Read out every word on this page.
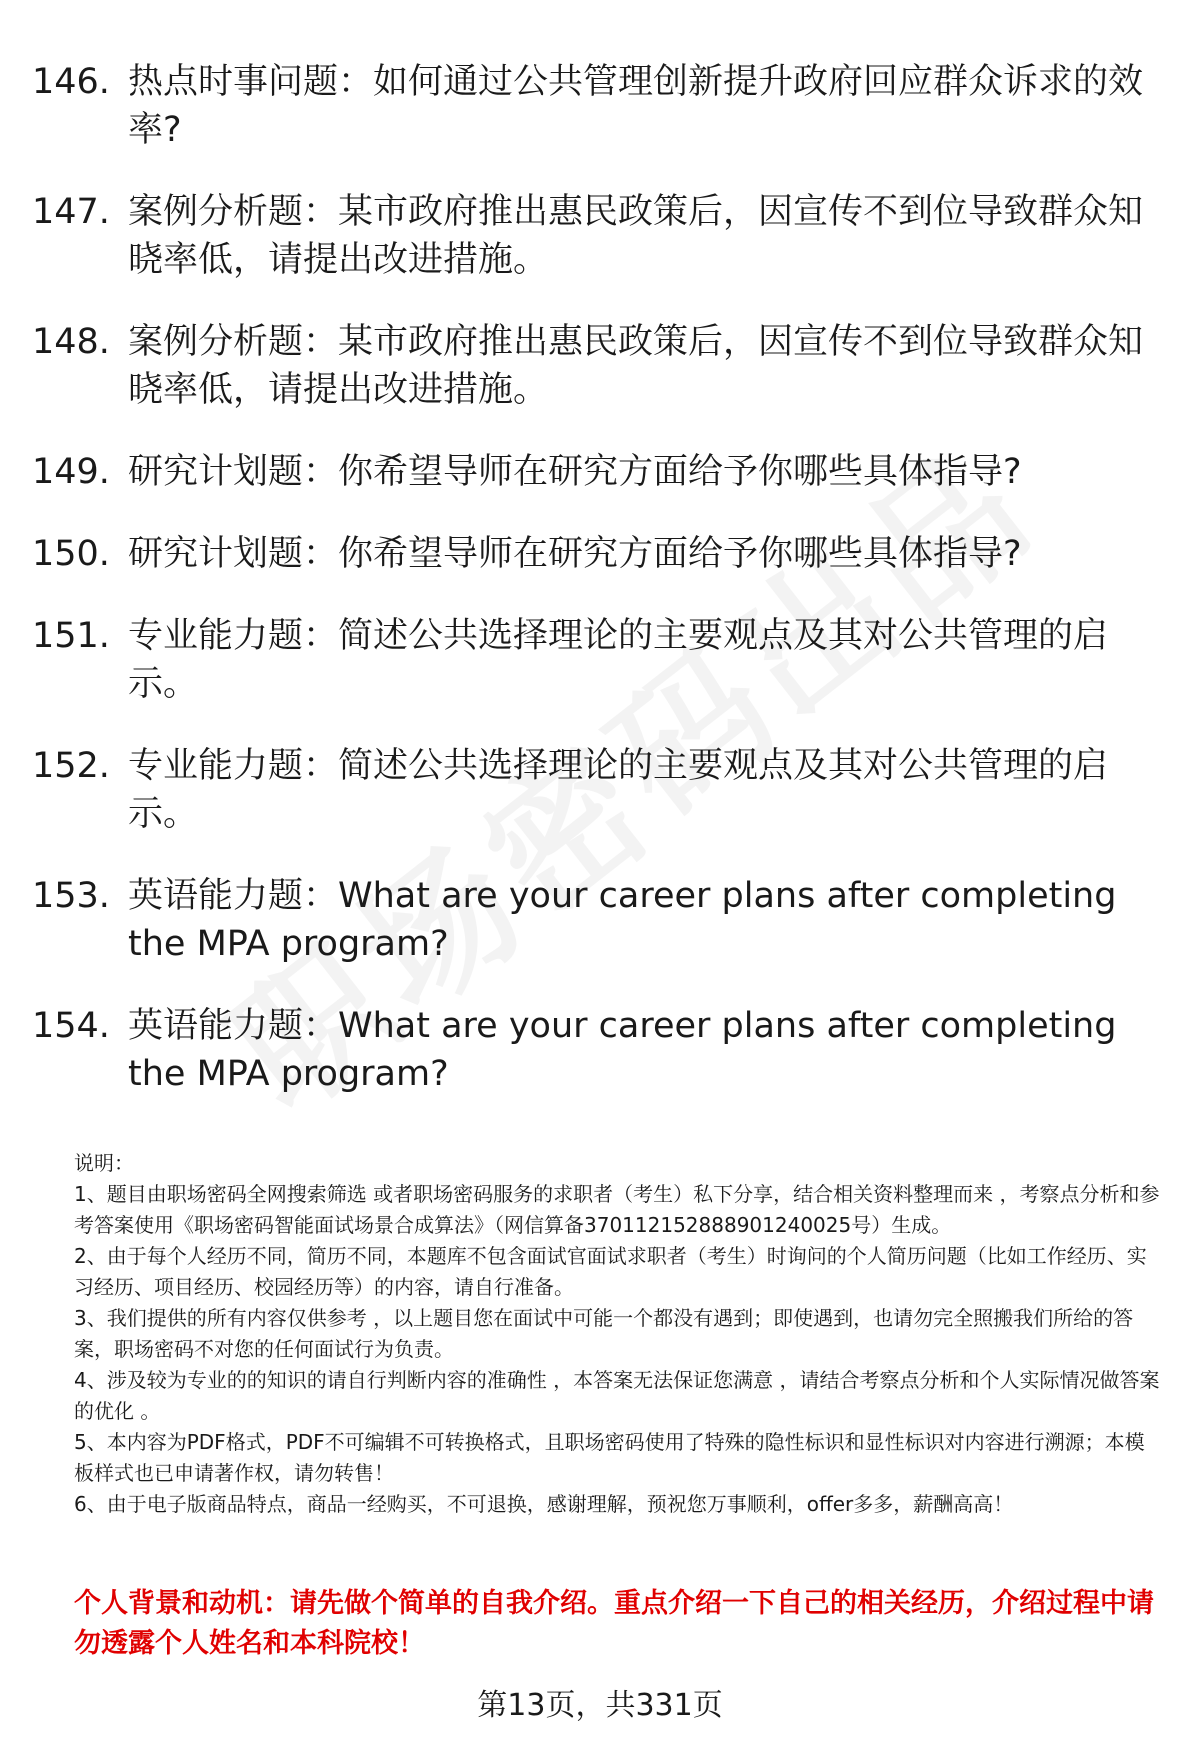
146. 热点时事问题：如何通过公共管理创新提升政府回应群众诉求的效率?
147. 案例分析题：某市政府推出惠民政策后，因宣传不到位导致群众知晓率低，请提出改进措施。
148. 案例分析题：某市政府推出惠民政策后，因宣传不到位导致群众知晓率低，请提出改进措施。
149. 研究计划题：你希望导师在研究方面给予你哪些具体指导?
150. 研究计划题：你希望导师在研究方面给予你哪些具体指导?
151. 专业能力题：简述公共选择理论的主要观点及其对公共管理的启示。
152. 专业能力题：简述公共选择理论的主要观点及其对公共管理的启示。
153. 英语能力题：What are your career plans after completing the MPA program?
154. 英语能力题：What are your career plans after completing the MPA program?

说明：

1、题目由职场密码全网搜索筛选 或者职场密码服务的求职者（考生）私下分享，结合相关资料整理而来 ，考察点分析和参考答案使用《职场密码智能面试场景合成算法》（网信算备370112152888901240025号）生成。

2、由于每个人经历不同，简历不同，本题库不包含面试官面试求职者（考生）时询问的个人简历问题（比如工作经历、实习经历、项目经历、校园经历等）的内容，请自行准备。

3、我们提供的所有内容仅供参考 ，以上题目您在面试中可能一个都没有遇到；即使遇到，也请勿完全照搬我们所给的答案，职场密码不对您的任何面试行为负责。

4、涉及较为专业的的知识的请自行判断内容的准确性 ，本答案无法保证您满意 ，请结合考察点分析和个人实际情况做答案的优化 。

5、本内容为PDF格式，PDF不可编辑不可转换格式，且职场密码使用了特殊的隐性标识和显性标识对内容进行溯源；本模板样式也已申请著作权，请勿转售！

6、由于电子版商品特点，商品一经购买，不可退换，感谢理解，预祝您万事顺利，offer多多，薪酬高高！

个人背景和动机：请先做个简单的自我介绍。重点介绍一下自己的相关经历，介绍过程中请勿透露个人姓名和本科院校！
第13页，共331页
